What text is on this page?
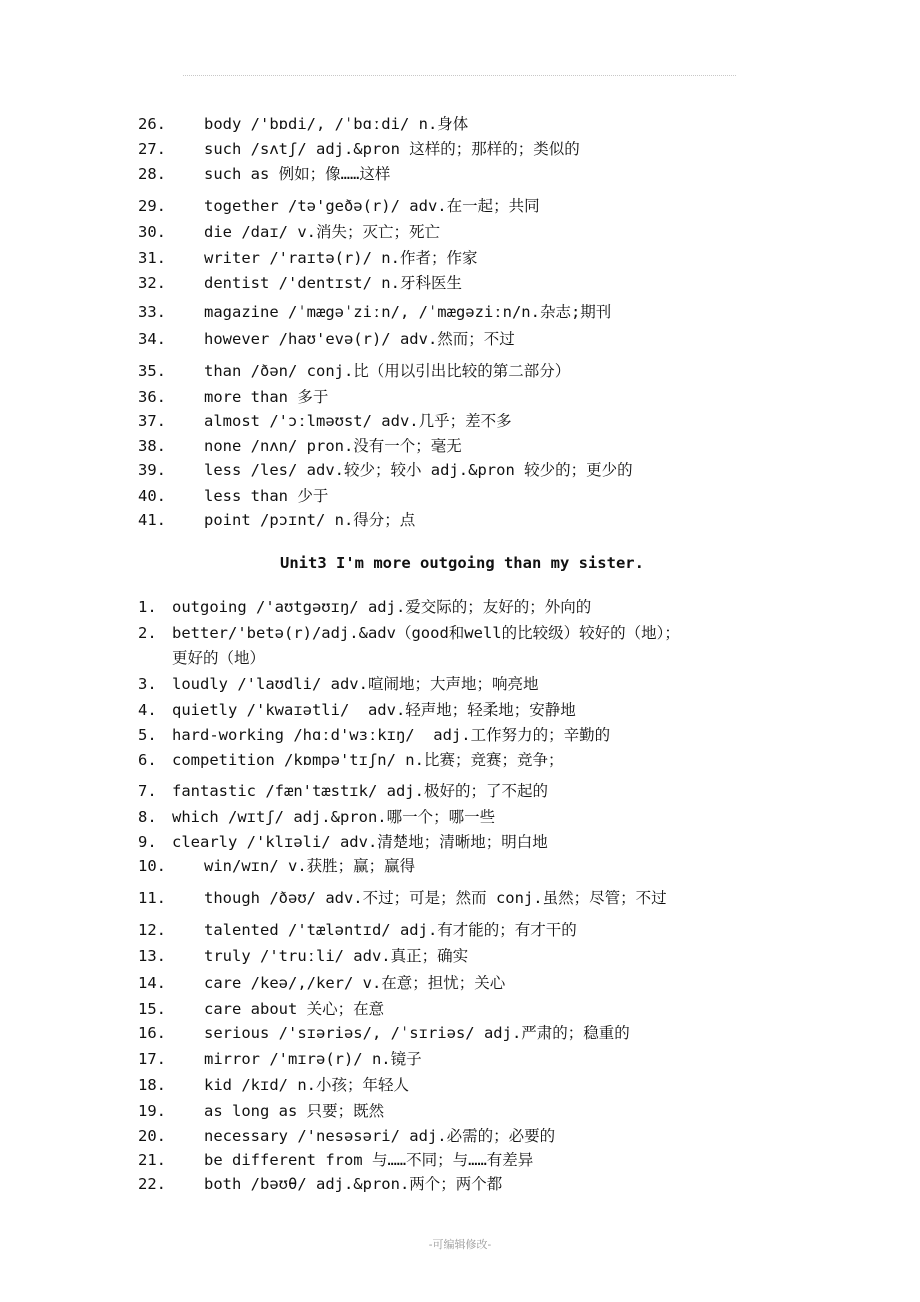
26. body /'bɒdi/, /ˈbɑːdi/ n.身体
27. such /sʌtʃ/ adj.&pron 这样的；那样的；类似的
28. such as 例如；像……这样
29. together /tə'geðə(r)/ adv.在一起；共同
30. die /daɪ/ v.消失；灭亡；死亡
31. writer /'raɪtə(r)/ n.作者；作家
32. dentist /'dentɪst/ n.牙科医生
33. magazine /ˈmægəˈziːn/, /ˈmægəziːn/n.杂志;期刊
34. however /haʊ'evə(r)/ adv.然而；不过
35. than /ðən/ conj.比（用以引出比较的第二部分）
36. more than 多于
37. almost /'ɔːlməʊst/ adv.几乎；差不多
38. none /nʌn/ pron.没有一个；毫无
39. less /les/ adv.较少；较小 adj.&pron 较少的；更少的
40. less than 少于
41. point /pɔɪnt/ n.得分；点
Unit3 I'm more outgoing than my sister.
1. outgoing /'aʊtgəʊɪŋ/ adj.爱交际的；友好的；外向的
2. better/'betə(r)/adj.&adv（good和well的比较级）较好的（地）；
更好的（地）
3. loudly /'laʊdli/ adv.喧闹地；大声地；响亮地
4. quietly /'kwaɪətli/  adv.轻声地；轻柔地；安静地
5. hard-working /hɑːd'wɜːkɪŋ/  adj.工作努力的；辛勤的
6. competition /kɒmpə'tɪʃn/ n.比赛；竞赛；竞争；
7. fantastic /fæn'tæstɪk/ adj.极好的；了不起的
8. which /wɪtʃ/ adj.&pron.哪一个；哪一些
9. clearly /'klɪəli/ adv.清楚地；清晰地；明白地
10. win/wɪn/ v.获胜；赢；赢得
11. though /ðəʊ/ adv.不过；可是；然而 conj.虽然；尽管；不过
12. talented /'tæləntɪd/ adj.有才能的；有才干的
13. truly /'truːli/ adv.真正；确实
14. care /keə/,/ker/ v.在意；担忧；关心
15. care about 关心；在意
16. serious /'sɪəriəs/, /ˈsɪriəs/ adj.严肃的；稳重的
17. mirror /'mɪrə(r)/ n.镜子
18. kid /kɪd/ n.小孩；年轻人
19. as long as 只要；既然
20. necessary /'nesəsəri/ adj.必需的；必要的
21. be different from 与……不同；与……有差异
22. both /bəʊθ/ adj.&pron.两个；两个都
-可编辑修改-
